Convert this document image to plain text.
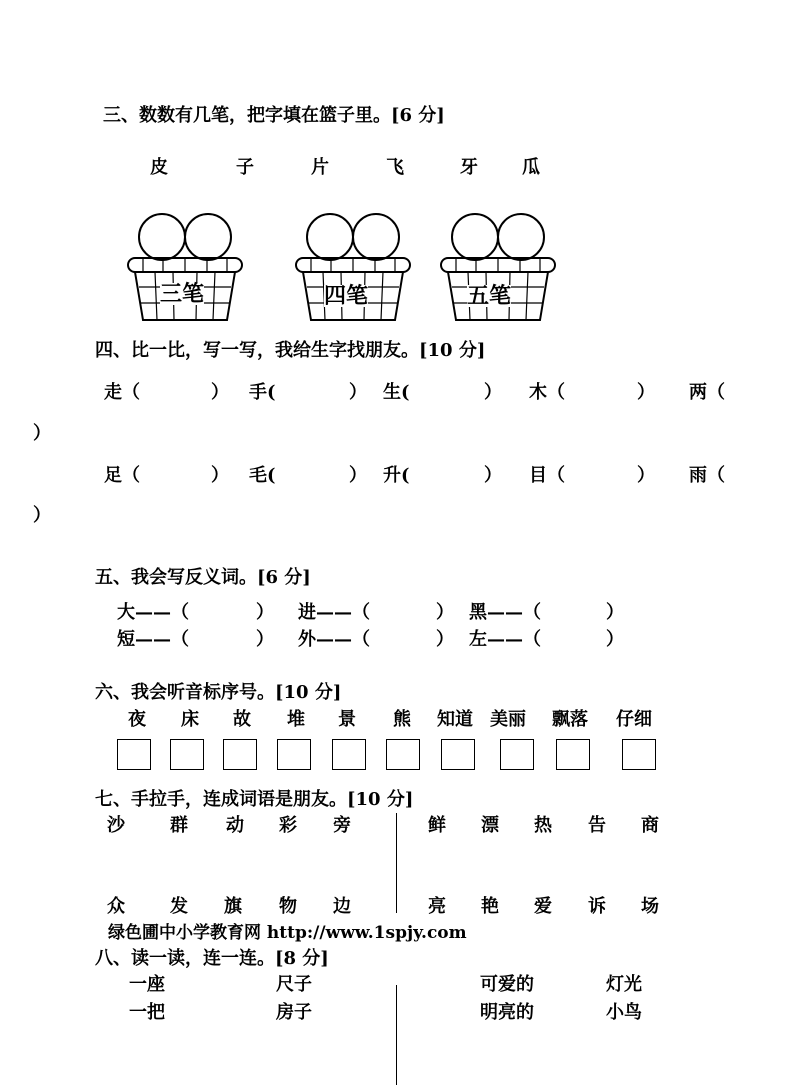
三、数数有几笔，把字填在篮子里。[6 分]
皮	子	片	飞	牙 瓜
三笔	四笔	五笔
四、比一比，写一写，我给生字找朋友。[10 分]
走（	） 手(	） 生(	） 木（	） 两（
）
足（	） 毛(	） 升(	） 目（	） 雨（
）
五、我会写反义词。[6 分]
大——（	） 进——（	） 黑——（	）
短——（	） 外——（	） 左——（	）
六、我会听音标序号。[10 分]
夜 床 故 堆 景 熊 知道 美丽 飘落 仔细
七、手拉手，连成词语是朋友。[10 分]
沙	群 动 彩 旁	鲜 漂 热 告 商
众	发 旗 物 边	亮 艳 爱 诉 场
绿色圃中小学教育网 http://www.1spjy.com
八、读一读，连一连。[8 分]
一座	尺子	可爱的	灯光
一把	房子	明亮的	小鸟
